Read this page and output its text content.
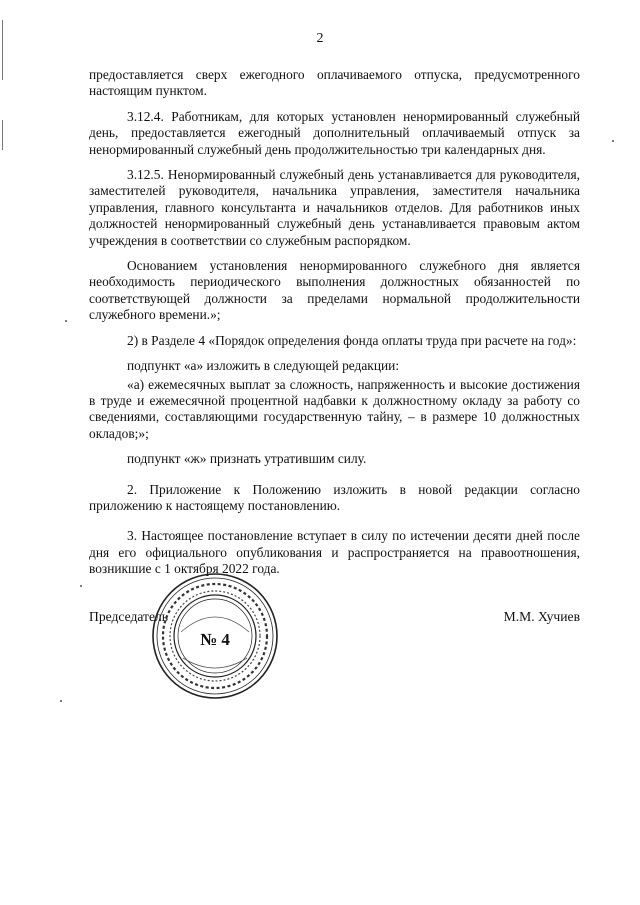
2

предоставляется сверх ежегодного оплачиваемого отпуска, предусмотренного настоящим пунктом.

3.12.4. Работникам, для которых установлен ненормированный служебный день, предоставляется ежегодный дополнительный оплачиваемый отпуск за ненормированный служебный день продолжительностью три календарных дня.

3.12.5. Ненормированный служебный день устанавливается для руководителя, заместителей руководителя, начальника управления, заместителя начальника управления, главного консультанта и начальников отделов. Для работников иных должностей ненормированный служебный день устанавливается правовым актом учреждения в соответствии со служебным распорядком.

Основанием установления ненормированного служебного дня является необходимость периодического выполнения должностных обязанностей по соответствующей должности за пределами нормальной продолжительности служебного времени.»;

2) в Разделе 4 «Порядок определения фонда оплаты труда при расчете на год»:

подпункт «а» изложить в следующей редакции:

«а) ежемесячных выплат за сложность, напряженность и высокие достижения в труде и ежемесячной процентной надбавки к должностному окладу за работу со сведениями, составляющими государственную тайну, – в размере 10 должностных окладов;»;

подпункт «ж» признать утратившим силу.

2. Приложение к Положению изложить в новой редакции согласно приложению к настоящему постановлению.

3. Настоящее постановление вступает в силу по истечении десяти дней после дня его официального опубликования и распространяется на правоотношения, возникшие с 1 октября 2022 года.

Председатель	М.М. Хучиев
№ 4
